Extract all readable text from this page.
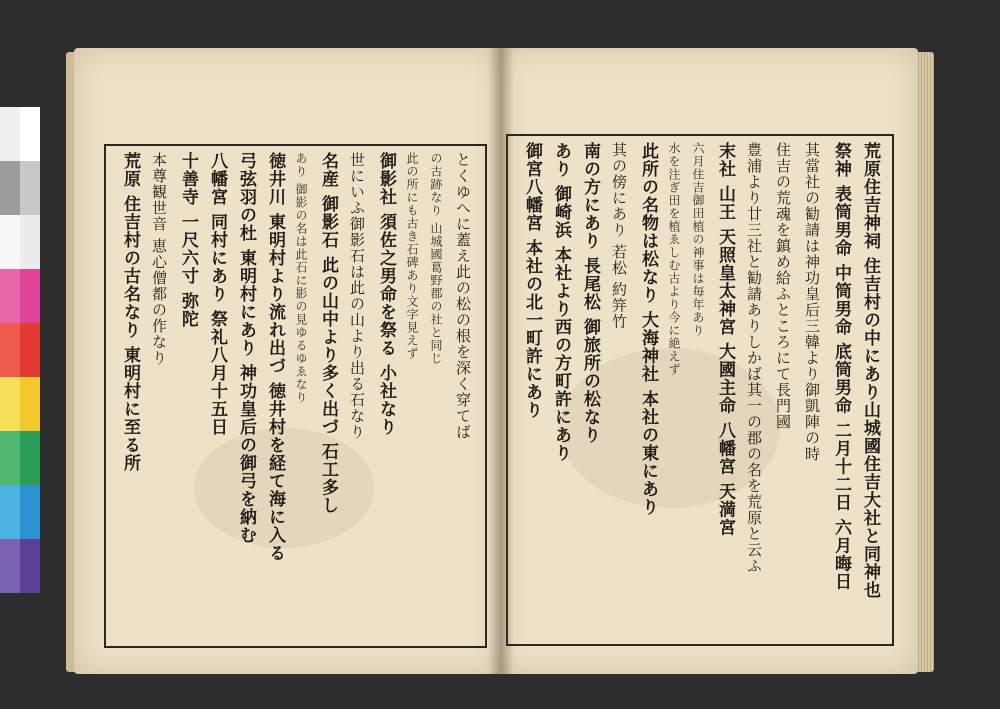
とくゆへに蓋え此の松の根を深く穿てば
の古跡なり 山城國葛野郡の社と同じ
此の所にも古き石碑あり文字見えず
御影社 須佐之男命を祭る 小社なり
世にいふ御影石は此の山より出る石なり
名産 御影石 此の山中より多く出づ 石工多し
あり 御影の名は此石に影の見ゆるゆゑなり
徳井川 東明村より流れ出づ 徳井村を経て海に入る
弓弦羽の杜 東明村にあり 神功皇后の御弓を納む
八幡宮 同村にあり 祭礼八月十五日
十善寺 一尺六寸 弥陀
本尊観世音 恵心僧都の作なり
荒原 住吉村の古名なり 東明村に至る所	荒原住吉神祠 住吉村の中にあり山城國住吉大社と同神也
祭神 表筒男命 中筒男命 底筒男命 二月十二日 六月晦日
其當社の勧請は神功皇后三韓より御凱陣の時
住吉の荒魂を鎮め給ふところにて長門國
豊浦より廿三社と勧請ありしかば其一の郡の名を荒原と云ふ
末社 山王 天照皇太神宮 大國主命 八幡宮 天満宮
六月住吉御田植の神事は毎年あり
水を注ぎ田を植ゑしむ古より今に絶えず
此所の名物は松なり 大海神社 本社の東にあり
其の傍にあり 若松 約笄竹
南の方にあり 長尾松 御旅所の松なり
あり 御崎浜 本社より西の方町許にあり
御宮八幡宮 本社の北一町許にあり
